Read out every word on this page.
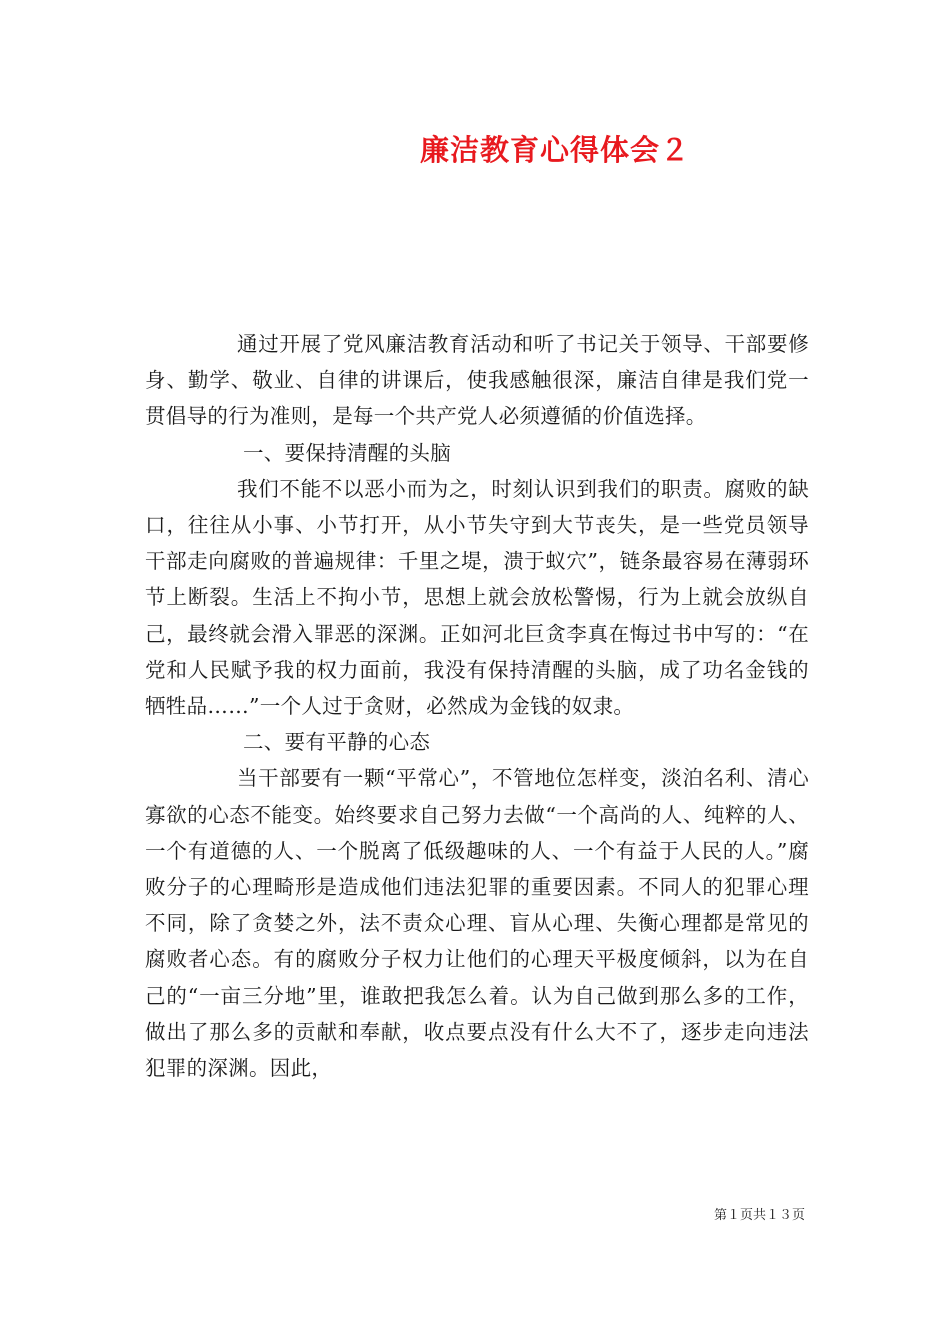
廉洁教育心得体会２

通过开展了党风廉洁教育活动和听了书记关于领导、干部要修身、勤学、敬业、自律的讲课后，使我感触很深，廉洁自律是我们党一贯倡导的行为准则，是每一个共产党人必须遵循的价值选择。

一、要保持清醒的头脑

我们不能不以恶小而为之，时刻认识到我们的职责。腐败的缺口，往往从小事、小节打开，从小节失守到大节丧失，是一些党员领导干部走向腐败的普遍规律：千里之堤，溃于蚁穴”，链条最容易在薄弱环节上断裂。生活上不拘小节，思想上就会放松警惕，行为上就会放纵自己，最终就会滑入罪恶的深渊。正如河北巨贪李真在悔过书中写的：“在党和人民赋予我的权力面前，我没有保持清醒的头脑，成了功名金钱的牺牲品……”一个人过于贪财，必然成为金钱的奴隶。

二、要有平静的心态

当干部要有一颗“平常心”，不管地位怎样变，淡泊名利、清心寡欲的心态不能变。始终要求自己努力去做“一个高尚的人、纯粹的人、一个有道德的人、一个脱离了低级趣味的人、一个有益于人民的人。”腐败分子的心理畸形是造成他们违法犯罪的重要因素。不同人的犯罪心理不同，除了贪婪之外，法不责众心理、盲从心理、失衡心理都是常见的腐败者心态。有的腐败分子权力让他们的心理天平极度倾斜，以为在自己的“一亩三分地”里，谁敢把我怎么着。认为自己做到那么多的工作，做出了那么多的贡献和奉献，收点要点没有什么大不了，逐步走向违法犯罪的深渊。因此，

第１页共１３页
